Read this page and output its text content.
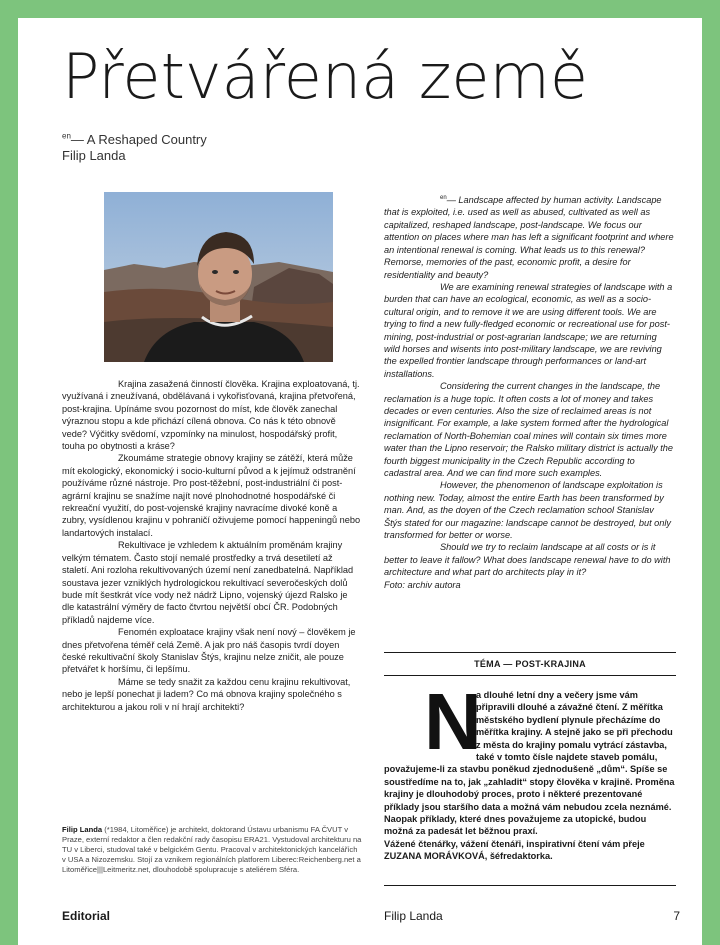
Přetvářená země
$^{en}$— A Reshaped Country
Filip Landa

Krajina zasažená činností člověka. Krajina exploatovaná, tj. využívaná i zneužívaná, obdělávaná i vykořisťovaná, krajina přetvořená, post-krajina. Upínáme svou pozornost do míst, kde člověk zanechal výraznou stopu a kde přichází cílená obnova. Co nás k této obnově vede? Výčitky svědomí, vzpomínky na minulost, hospodářský profit, touha po obytnosti a kráse?

Zkoumáme strategie obnovy krajiny se zátěží, která může mít ekologický, ekonomický i socio-kulturní původ a k jejímuž odstranění používáme různé nástroje. Pro post-těžební, post-industriální či post-agrární krajinu se snažíme najít nové plnohodnotné hospodářské či rekreační využití, do post-vojenské krajiny navracíme divoké koně a zubry, vysídlenou krajinu v pohraničí oživujeme pomocí happeningů nebo landartových instalací.

Rekultivace je vzhledem k aktuálním proměnám krajiny velkým tématem. Často stojí nemalé prostředky a trvá desetiletí až staletí. Ani rozloha rekultivovaných území není zanedbatelná. Například soustava jezer vzniklých hydrologickou rekultivací severočeských dolů bude mít šestkrát více vody než nádrž Lipno, vojenský újezd Ralsko je dle katastrální výměry de facto čtvrtou největší obcí ČR. Podobných příkladů najdeme více.

Fenomén exploatace krajiny však není nový – člověkem je dnes přetvořena téměř celá Země. A jak pro náš časopis tvrdí doyen české rekultivační školy Stanislav Štýs, krajinu nelze zničit, ale pouze přetvářet k horšímu, či lepšímu.

Máme se tedy snažit za každou cenu krajinu rekultivovat, nebo je lepší ponechat ji ladem? Co má obnova krajiny společného s architekturou a jakou roli v ní hrají architekti?

$^{en}$— Landscape affected by human activity. Landscape that is exploited, i.e. used as well as abused, cultivated as well as capitalized, reshaped landscape, post-landscape. We focus our attention on places where man has left a significant footprint and where an intentional renewal is coming. What leads us to this renewal? Remorse, memories of the past, economic profit, a desire for residentiality and beauty?

We are examining renewal strategies of landscape with a burden that can have an ecological, economic, as well as a socio-cultural origin, and to remove it we are using different tools. We are trying to find a new fully-fledged economic or recreational use for post-mining, post-industrial or post-agrarian landscape; we are returning wild horses and wisents into post-military landscape, we are reviving the expelled frontier landscape through performances or land-art installations.

Considering the current changes in the landscape, the reclamation is a huge topic. It often costs a lot of money and takes decades or even centuries. Also the size of reclaimed areas is not insignificant. For example, a lake system formed after the hydrological reclamation of North-Bohemian coal mines will contain six times more water than the Lipno reservoir; the Ralsko military district is actually the fourth biggest municipality in the Czech Republic according to cadastral area. And we can find more such examples.

However, the phenomenon of landscape exploitation is nothing new. Today, almost the entire Earth has been transformed by man. And, as the doyen of the Czech reclamation school Stanislav Štýs stated for our magazine: landscape cannot be destroyed, but only transformed for better or worse.

Should we try to reclaim landscape at all costs or is it better to leave it fallow? What does landscape renewal have to do with architecture and what part do architects play in it?

Foto: archiv autora

Filip Landa (*1984, Litoměřice) je architekt, doktorand Ústavu urbanismu FA ČVUT v Praze, externí redaktor a člen redakční rady časopisu ERA21. Vystudoval architekturu na TU v Liberci, studoval také v belgickém Gentu. Pracoval v architektonických kancelářích v USA a Nizozemsku. Stojí za vznikem regionálních platforem Liberec:Reichenberg.net a Litoměřice|||Leitmeritz.net, dlouhodobě spolupracuje s ateliérem Sféra.
TÉMA — POST-KRAJINA
N

a dlouhé letní dny a večery jsme vám připravili dlouhé a závažné čtení. Z měřítka městského bydlení plynule přecházíme do měřítka krajiny. A stejně jako se při přechodu z města do krajiny pomalu vytrácí zástavba, také v tomto čísle najdete staveb pomálu, považujeme-li za stavbu poněkud zjednodušeně „dům“. Spíše se soustředíme na to, jak „zahladit“ stopy člověka v krajině. Proměna krajiny je dlouhodobý proces, proto i některé prezentované příklady jsou staršího data a možná vám nebudou zcela neznámé. Naopak příklady, které dnes považujeme za utopické, budou možná za padesát let běžnou praxí.

Vážené čtenářky, vážení čtenáři, inspirativní čtení vám přeje ZUZANA MORÁVKOVÁ, šéfredaktorka.

Editorial	Filip Landa	7
